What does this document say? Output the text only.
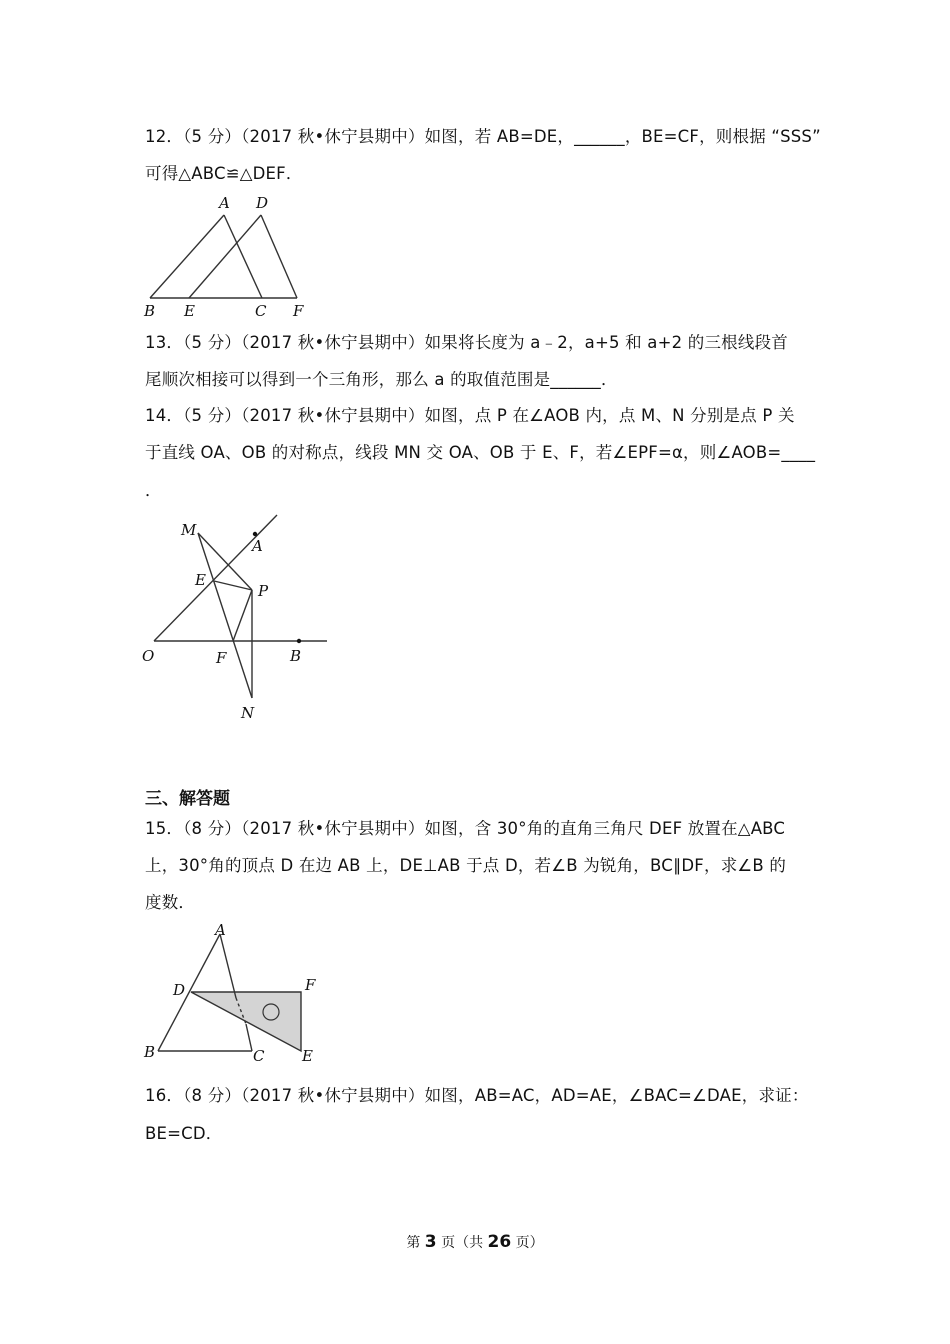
12．（5 分）（2017 秋•休宁县期中）如图，若 AB=DE，______，BE=CF，则根据 “SSS”
可得△ABC≌△DEF．
A D
B E	C F
13．（5 分）（2017 秋•休宁县期中）如果将长度为 a﹣2，a+5 和 a+2 的三根线段首
尾顺次相接可以得到一个三角形，那么 a 的取值范围是______．
14．（5 分）（2017 秋•休宁县期中）如图，点 P 在∠AOB 内，点 M、N 分别是点 P 关
于直线 OA、OB 的对称点，线段 MN 交 OA、OB 于 E、F，若∠EPF=α，则∠AOB=____
．
M
A
E
P
O	F	B
N
三、解答题
15．（8 分）（2017 秋•休宁县期中）如图，含 30°角的直角三角尺 DEF 放置在△ABC
上，30°角的顶点 D 在边 AB 上，DE⊥AB 于点 D，若∠B 为锐角，BC∥DF，求∠B 的
度数．
A
D	F
B	C	E
16．（8 分）（2017 秋•休宁县期中）如图，AB=AC，AD=AE，∠BAC=∠DAE，求证：
BE=CD．
第 3 页（共 26 页）
